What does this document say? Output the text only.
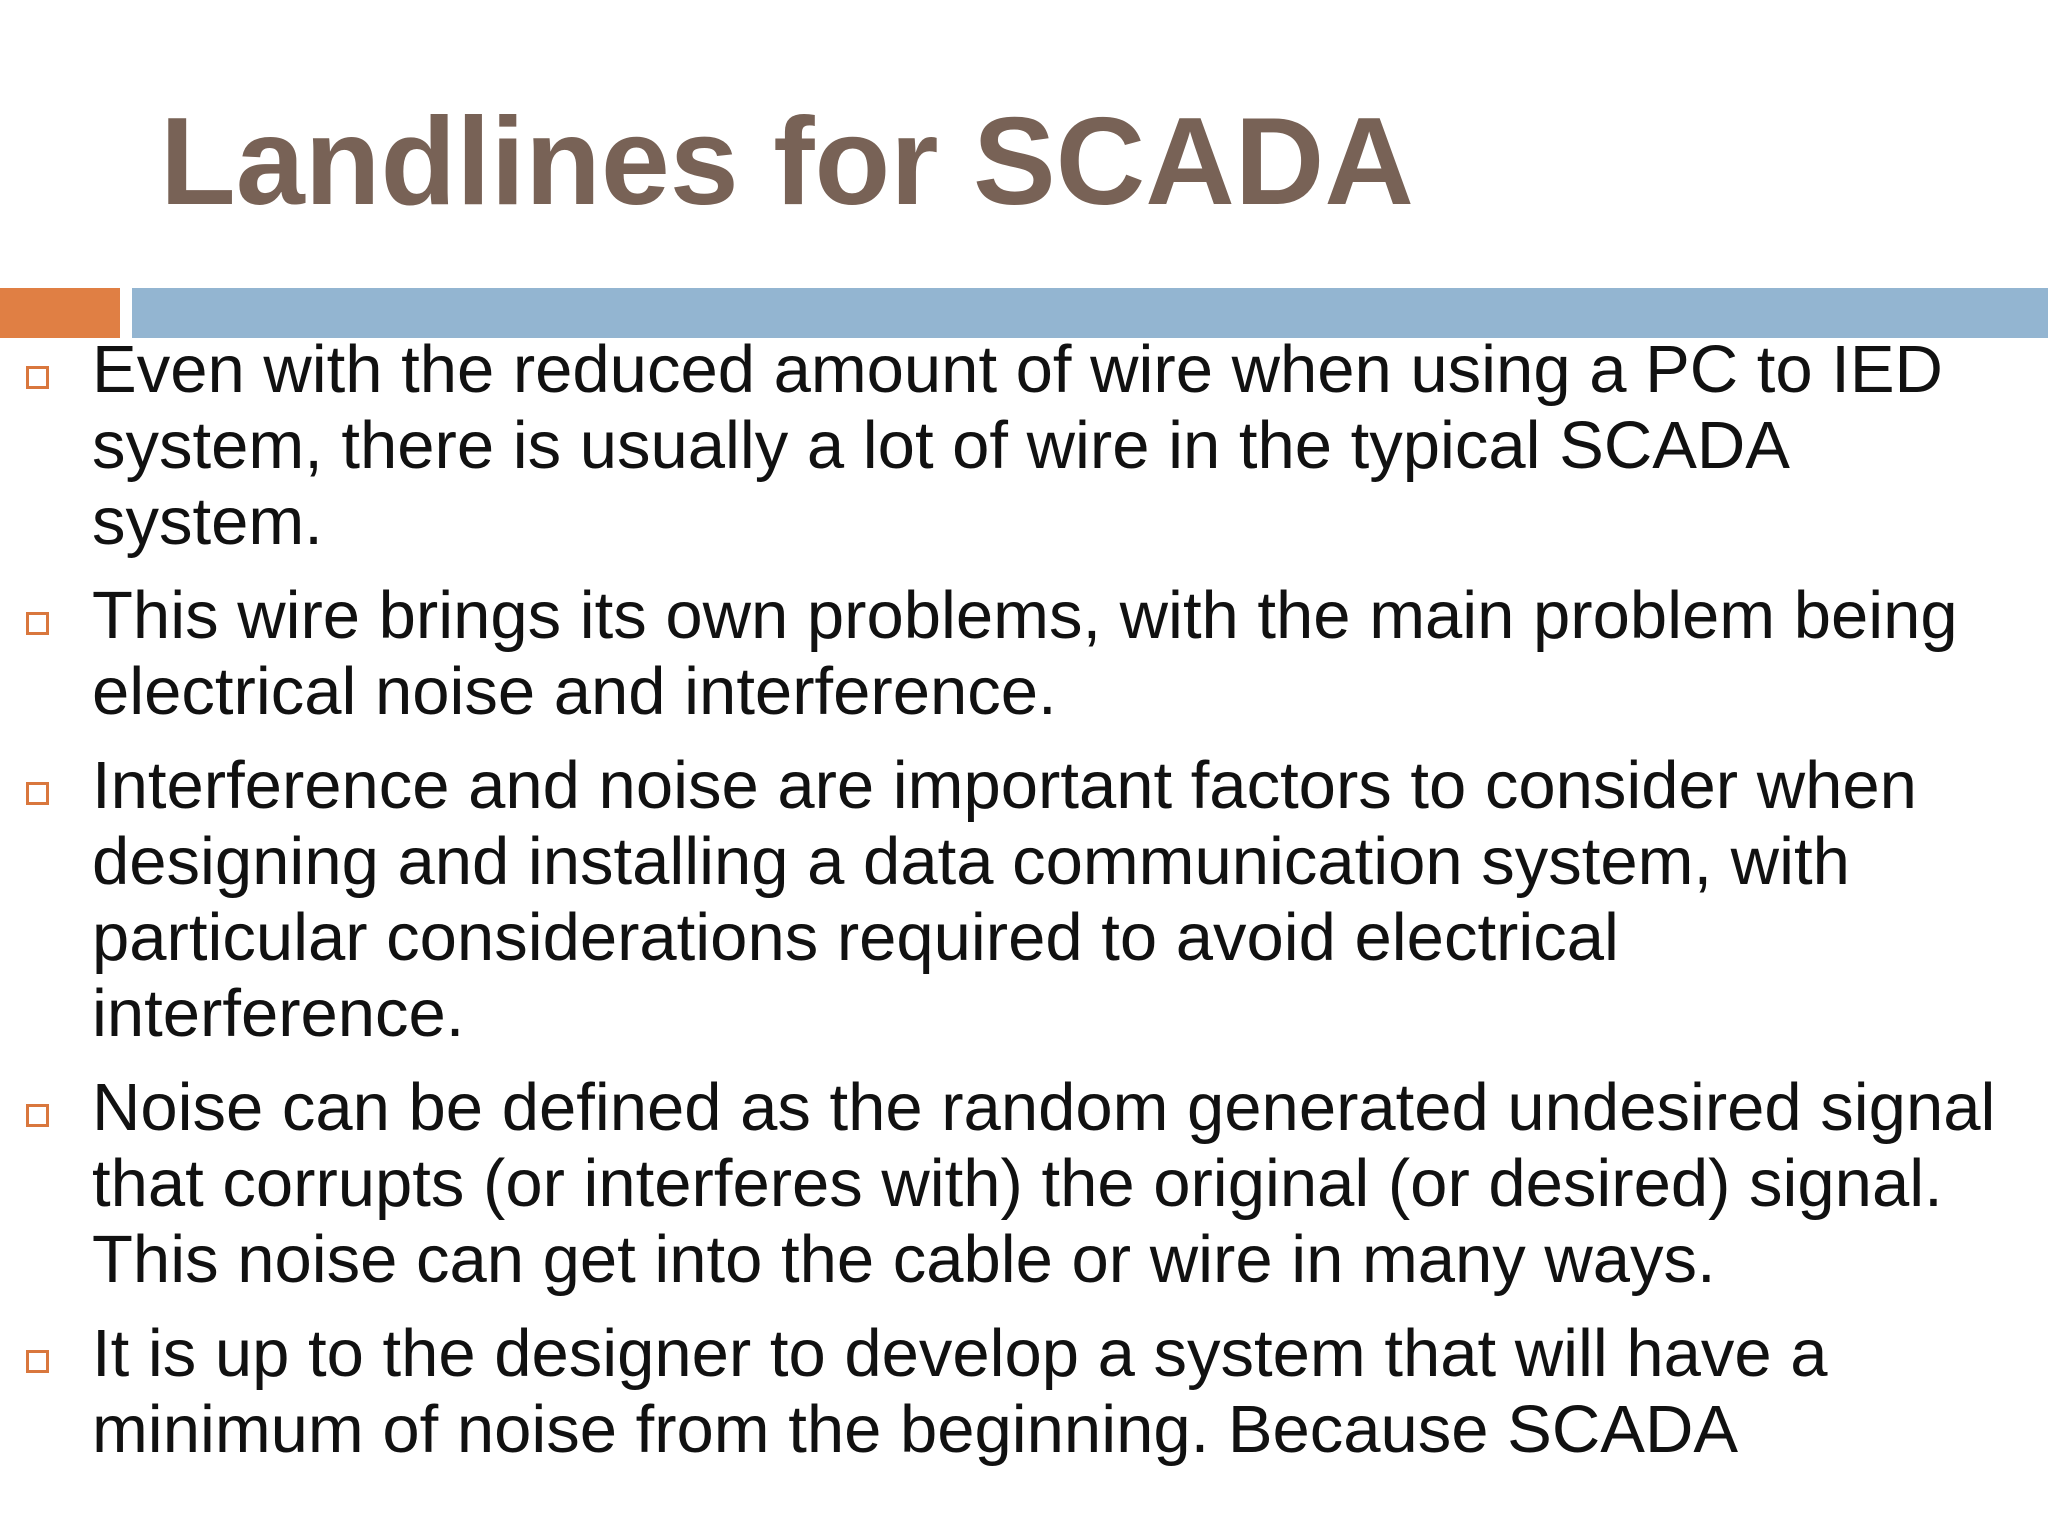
Landlines for SCADA
Even with the reduced amount of wire when using a PC to IED system, there is usually a lot of wire in the typical SCADA system.
This wire brings its own problems, with the main problem being electrical noise and interference.
Interference and noise are important factors to consider when designing and installing a data communication system, with particular considerations required to avoid electrical interference.
Noise can be defined as the random generated undesired signal that corrupts (or interferes with) the original (or desired) signal. This noise can get into the cable or wire in many ways.
It is up to the designer to develop a system that will have a minimum of noise from the beginning. Because SCADA
